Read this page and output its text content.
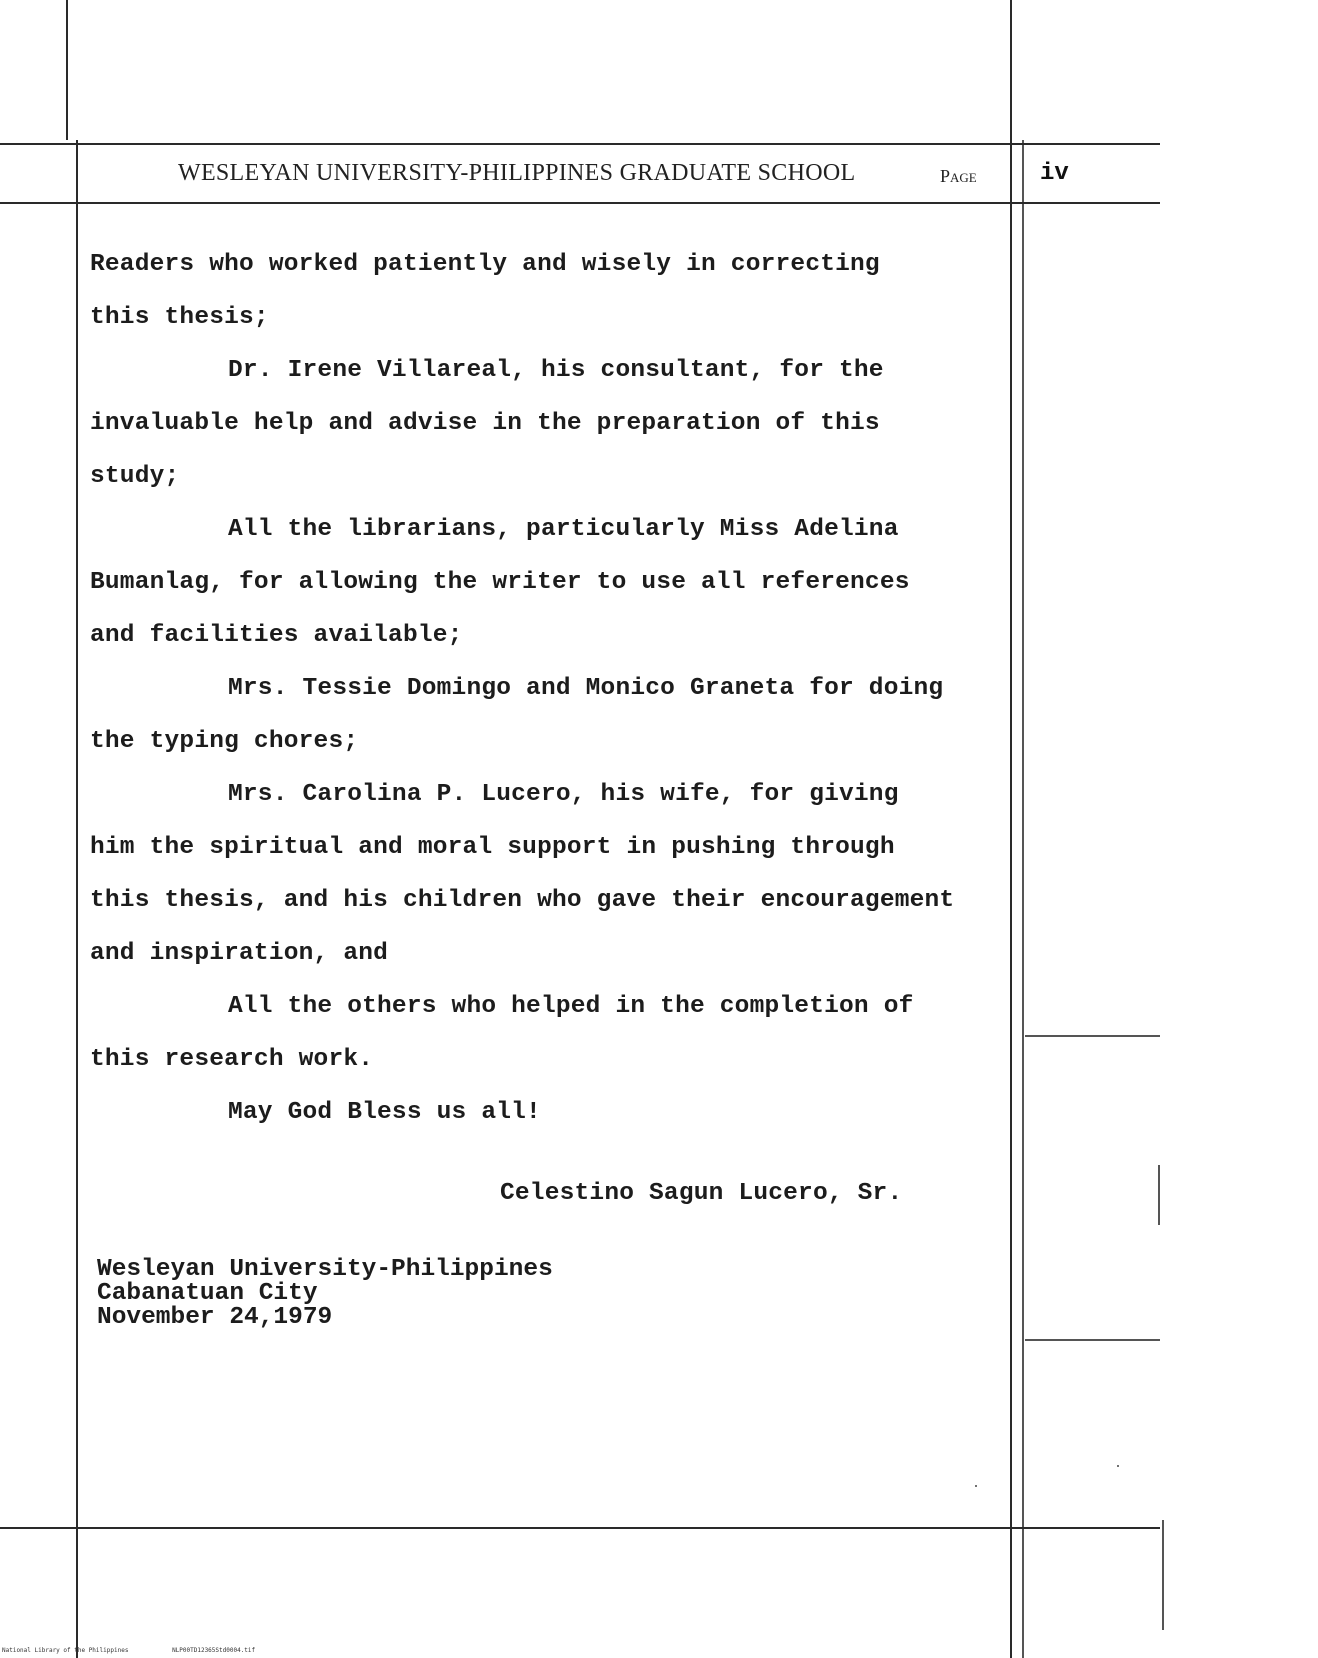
WESLEYAN UNIVERSITY-PHILIPPINES GRADUATE SCHOOL	Page	iv
Readers who worked patiently and wisely in correcting
this thesis;
Dr. Irene Villareal, his consultant, for the
invaluable help and advise in the preparation of this
study;
All the librarians, particularly Miss Adelina
Bumanlag, for allowing the writer to use all references
and facilities available;
Mrs. Tessie Domingo and Monico Graneta for doing
the typing chores;
Mrs. Carolina P. Lucero, his wife, for giving
him the spiritual and moral support in pushing through
this thesis, and his children who gave their encouragement
and inspiration, and
All the others who helped in the completion of
this research work.
May God Bless us all!
Celestino Sagun Lucero, Sr.
Wesleyan University-Philippines
Cabanatuan City
November 24,1979
National Library of the Philippines	NLP00TD12365Std0004.tif
